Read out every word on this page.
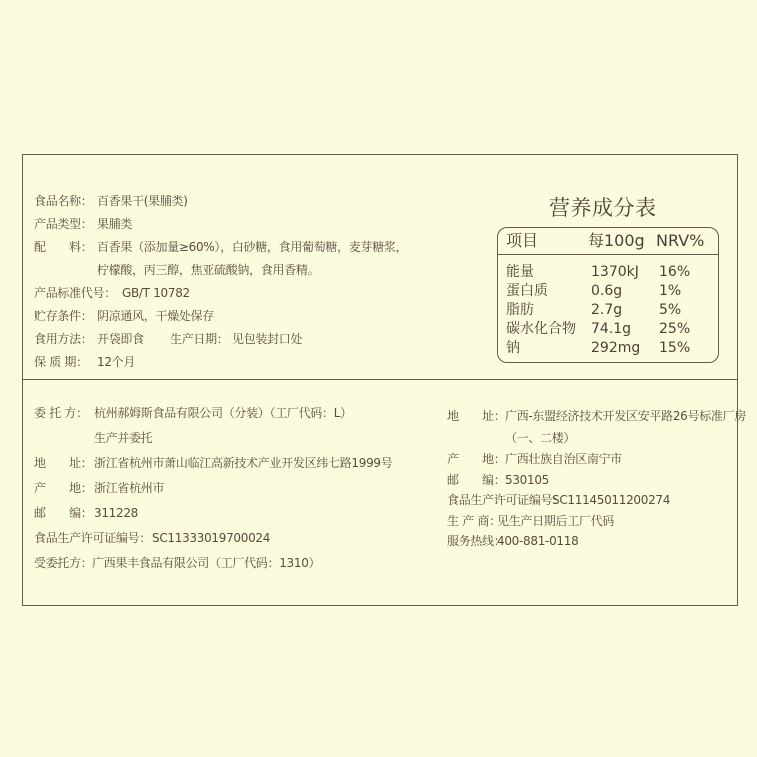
食品名称： 百香果干(果脯类)
产品类型： 果脯类
配　　料： 百香果（添加量≥60%），白砂糖，食用葡萄糖，麦芽糖浆，
柠檬酸，丙三醇，焦亚硫酸钠，食用香精。
产品标准代号： GB/T 10782
贮存条件： 阴凉通风，干燥处保存
食用方法： 开袋即食 生产日期： 见包装封口处
保 质 期： 12个月
营养成分表
项目	每100g NRV%
能量	1370kJ 16%
蛋白质	0.6g	1%
脂肪	2.7g	5%
碳水化合物 74.1g 25%
钠	292mg 15%
委 托 方： 杭州郝姆斯食品有限公司（分装）（工厂代码：L）
生产并委托
地　　址： 浙江省杭州市萧山临江高新技术产业开发区纬七路1999号
产　　地： 浙江省杭州市
邮　　编： 311228
食品生产许可证编号： SC11333019700024
受委托方： 广西果丰食品有限公司（工厂代码：1310）
地　　址： 广西-东盟经济技术开发区安平路26号标准厂房
（一、二楼）
产　　地： 广西壮族自治区南宁市
邮　　编： 530105
食品生产许可证编号：
SC11145011200274
生 产 商：
见生产日期后工厂代码
服务热线：
400-881-0118
